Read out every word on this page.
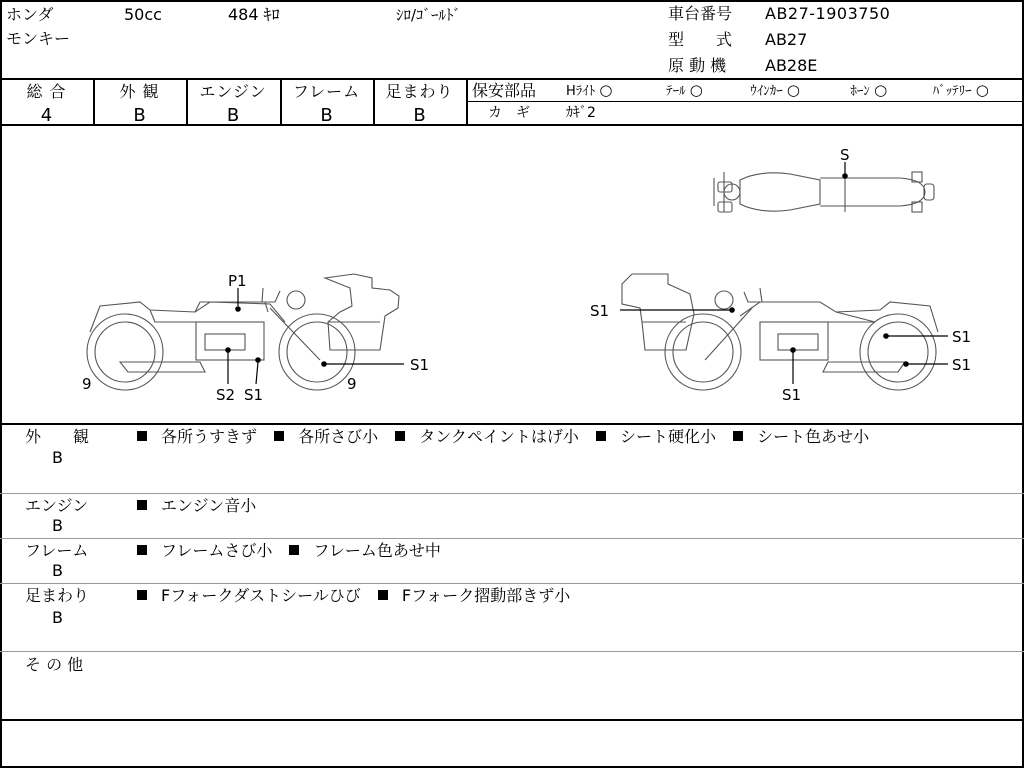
ホンダ	50cc	484 ｷﾛ	ｼﾛ/ｺﾞｰﾙﾄﾞ
モンキー
車台番号 AB27-1903750
型　　式 AB27
原 動 機 AB28E
総 合
4
外 観
B
エンジン
B
フレーム
B
足まわり
B
保安部品 Hﾗｲﾄ ○	ﾃｰﾙ ○	ｳｲﾝｶｰ ○	ﾎｰﾝ ○	ﾊﾞｯﾃﾘｰ ○
カ　ギ	ｶｷﾞ2
S
P1
S2 S1
S1
9	9
S1
S1
S1
S1
外　　観
B
各所うすきず	各所さび小	タンクペイントはげ小	シート硬化小	シート色あせ小
エンジン
B
エンジン音小
フレーム
B
フレームさび小	フレーム色あせ中
足まわり
B
Fフォークダストシールひび	Fフォーク摺動部きず小
そ の 他
